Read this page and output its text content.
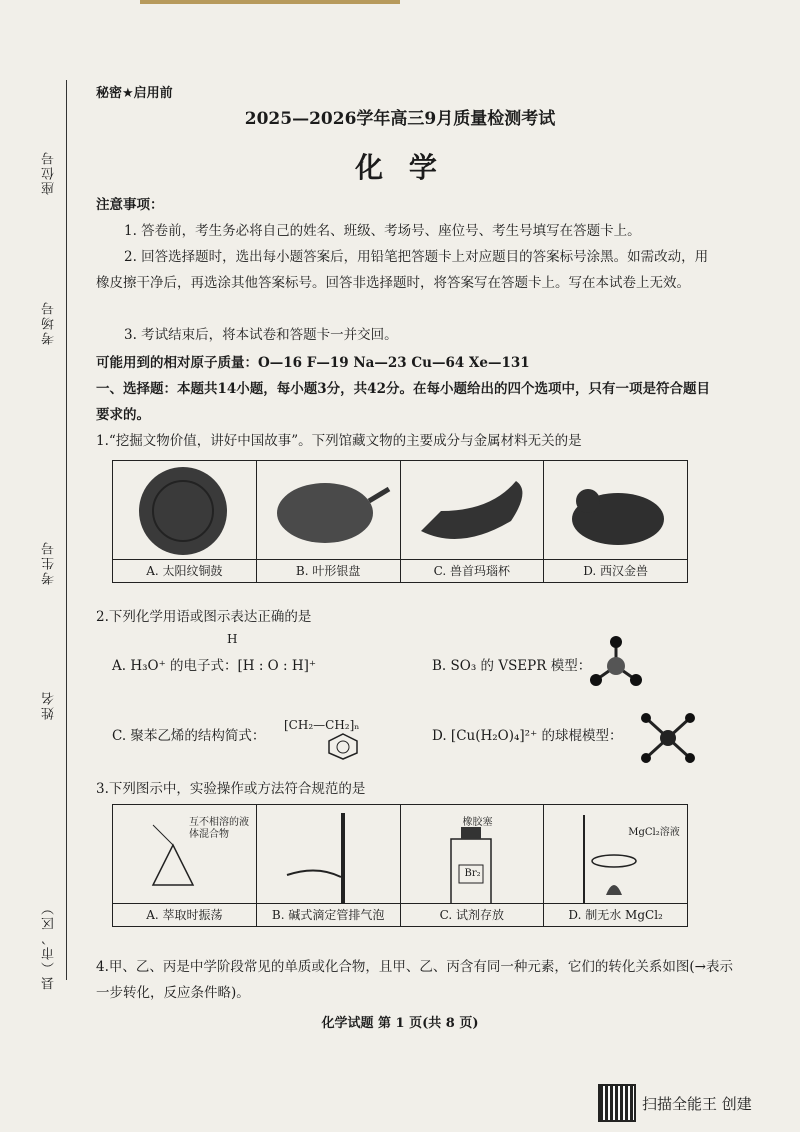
座位号
考场号
考生号
姓名
县（市、区）
秘密★启用前
2025—2026学年高三9月质量检测考试
化 学
注意事项：
1. 答卷前，考生务必将自己的姓名、班级、考场号、座位号、考生号填写在答题卡上。
2. 回答选择题时，选出每小题答案后，用铅笔把答题卡上对应题目的答案标号涂黑。如需改动，用橡皮擦干净后，再选涂其他答案标号。回答非选择题时，将答案写在答题卡上。写在本试卷上无效。
3. 考试结束后，将本试卷和答题卡一并交回。
可能用到的相对原子质量：O—16 F—19 Na—23 Cu—64 Xe—131
一、选择题：本题共14小题，每小题3分，共42分。在每小题给出的四个选项中，只有一项是符合题目要求的。
1.“挖掘文物价值，讲好中国故事”。下列馆藏文物的主要成分与金属材料无关的是
A. 太阳纹铜鼓	B. 叶形银盘	C. 兽首玛瑙杯	D. 西汉金兽
2.下列化学用语或图示表达正确的是
H
A. H₃O⁺ 的电子式：[H : O : H]⁺	B. SO₃ 的 VSEPR 模型：
C. 聚苯乙烯的结构简式：
[CH₂—CH₂]ₙ
D. [Cu(H₂O)₄]²⁺ 的球棍模型：
3.下列图示中，实验操作或方法符合规范的是
互不相溶的液体混合物
A. 萃取时振荡	B. 碱式滴定管排气泡

橡胶塞
Br₂
C. 试剂存放

MgCl₂溶液
D. 制无水 MgCl₂
4.甲、乙、丙是中学阶段常见的单质或化合物，且甲、乙、丙含有同一种元素，它们的转化关系如图(→表示一步转化，反应条件略)。
化学试题 第 1 页(共 8 页)
扫描全能王 创建
